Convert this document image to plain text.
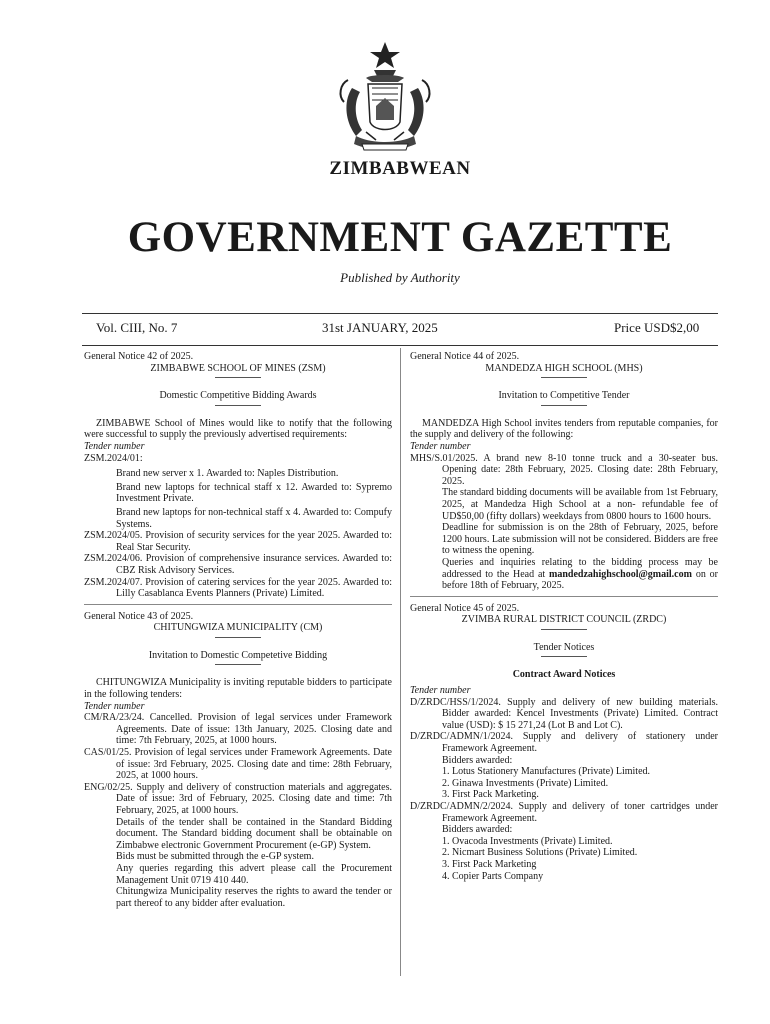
ZIMBABWEAN
GOVERNMENT GAZETTE
Published by Authority
Vol. CIII, No. 7	31st JANUARY, 2025	Price USD$2,00

General Notice 42 of 2025.

ZIMBABWE SCHOOL OF MINES (ZSM)

Domestic Competitive Bidding Awards

ZIMBABWE School of Mines would like to notify that the following were successful to supply the previously advertised requirements:

Tender number

ZSM.2024/01:

Brand new server x 1. Awarded to: Naples Distribution.

Brand new laptops for technical staff x 12. Awarded to: Sypremo Investment Private.

Brand new laptops for non-technical staff x 4. Awarded to: Compufy Systems.

ZSM.2024/05. Provision of security services for the year 2025. Awarded to: Real Star Security.

ZSM.2024/06. Provision of comprehensive insurance services. Awarded to: CBZ Risk Advisory Services.

ZSM.2024/07. Provision of catering services for the year 2025. Awarded to: Lilly Casablanca Events Planners (Private) Limited.

General Notice 43 of 2025.

CHITUNGWIZA MUNICIPALITY (CM)

Invitation to Domestic Competetive Bidding

CHITUNGWIZA Municipality is inviting reputable bidders to participate in the following tenders:

Tender number

CM/RA/23/24. Cancelled. Provision of legal services under Framework Agreements. Date of issue: 13th January, 2025. Closing date and time: 7th February, 2025, at 1000 hours.

CAS/01/25. Provision of legal services under Framework Agreements. Date of issue: 3rd February, 2025. Closing date and time: 28th February, 2025, at 1000 hours.

ENG/02/25. Supply and delivery of construction materials and aggregates. Date of issue: 3rd of February, 2025. Closing date and time: 7th February, 2025, at 1000 hours.

Details of the tender shall be contained in the Standard Bidding document. The Standard bidding document shall be obtainable on Zimbabwe electronic Government Procurement (e-GP) System.

Bids must be submitted through the e-GP system.

Any queries regarding this advert please call the Procurement Management Unit 0719 410 440.

Chitungwiza Municipality reserves the rights to award the tender or part thereof to any bidder after evaluation.

General Notice 44 of 2025.

MANDEDZA HIGH SCHOOL (MHS)

Invitation to Competitive Tender

MANDEDZA High School invites tenders from reputable companies, for the supply and delivery of the following:

Tender number

MHS/S.01/2025. A brand new 8-10 tonne truck and a 30-seater bus. Opening date: 28th February, 2025. Closing date: 28th February, 2025.

The standard bidding documents will be available from 1st February, 2025, at Mandedza High School at a non- refundable fee of UD$50,00 (fifty dollars) weekdays from 0800 hours to 1600 hours.

Deadline for submission is on the 28th of February, 2025, before 1200 hours. Late submission will not be considered. Bidders are free to witness the opening.

Queries and inquiries relating to the bidding process may be addressed to the Head at mandedzahighschool@gmail.com on or before 18th of February, 2025.

General Notice 45 of 2025.

ZVIMBA RURAL DISTRICT COUNCIL (ZRDC)

Tender Notices

Contract Award Notices

Tender number

D/ZRDC/HSS/1/2024. Supply and delivery of new building materials. Bidder awarded: Kencel Investments (Private) Limited. Contract value (USD): $ 15 271,24 (Lot B and Lot C).

D/ZRDC/ADMN/1/2024. Supply and delivery of stationery under Framework Agreement.

Bidders awarded:

1. Lotus Stationery Manufactures (Private) Limited.

2. Ginawa Investments (Private) Limited.

3. First Pack Marketing.

D/ZRDC/ADMN/2/2024. Supply and delivery of toner cartridges under Framework Agreement.

Bidders awarded:

1. Ovacoda Investments (Private) Limited.

2. Nicmart Business Solutions (Private) Limited.

3. First Pack Marketing

4. Copier Parts Company
